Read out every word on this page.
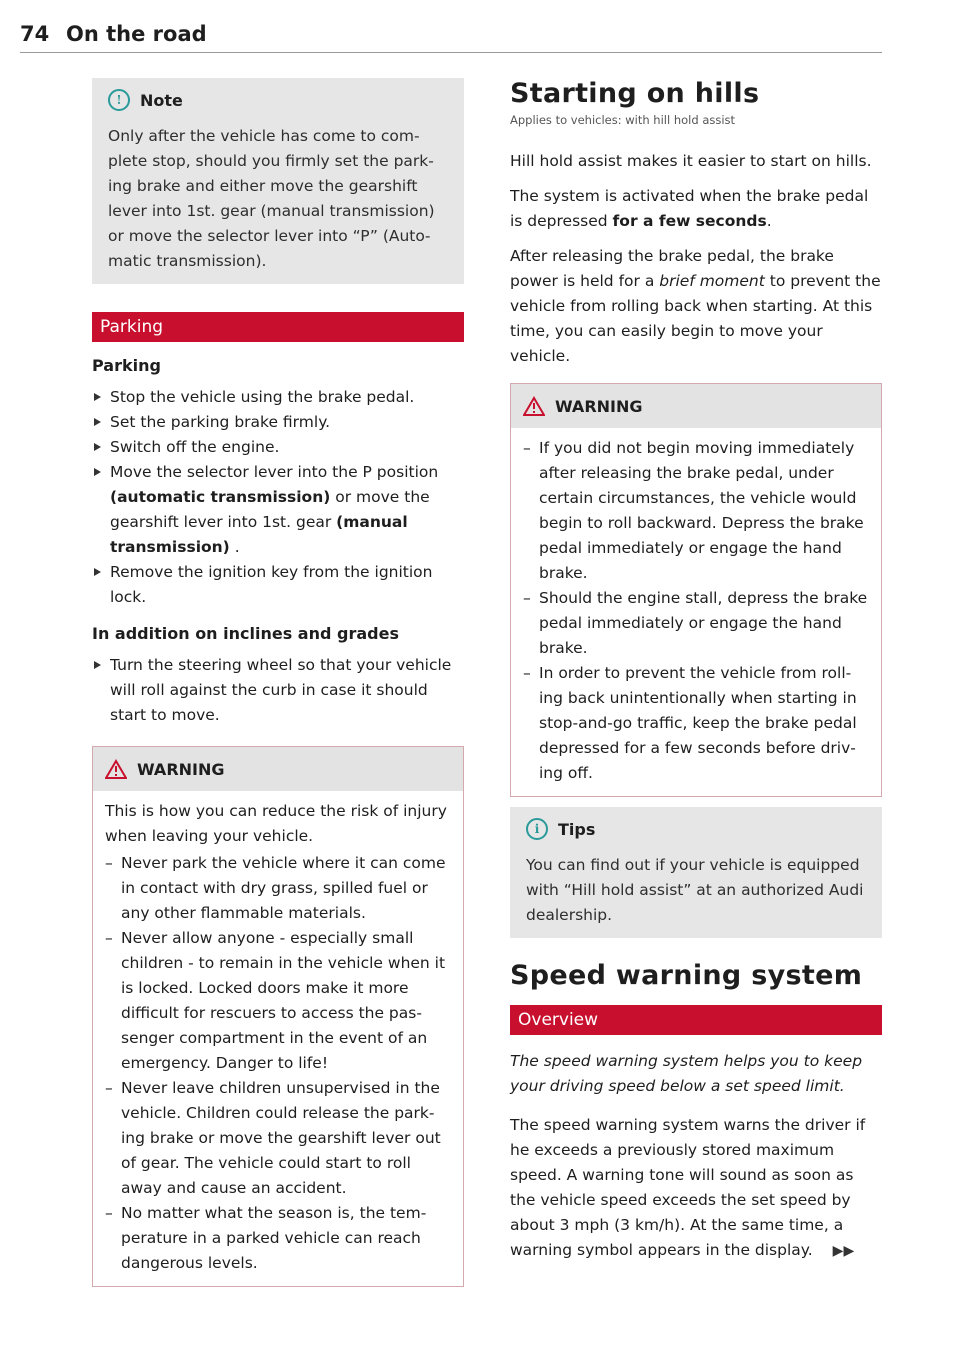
74 On the road
!	Note

Only after the vehicle has come to complete stop, should you firmly set the parking brake and either move the gearshift lever into 1st. gear (manual transmission) or move the selector lever into “P” (Automatic transmission).

Parking
Parking
Stop the vehicle using the brake pedal.
Set the parking brake firmly.
Switch off the engine.
Move the selector lever into the P position (automatic transmission) or move the gearshift lever into 1st. gear (manual transmission) .
Remove the ignition key from the ignition lock.
In addition on inclines and grades
Turn the steering wheel so that your vehicle will roll against the curb in case it should start to move.
WARNING

This is how you can reduce the risk of injury when leaving your vehicle.

– Never park the vehicle where it can come in contact with dry grass, spilled fuel or any other flammable materials.
– Never allow anyone - especially small children - to remain in the vehicle when it is locked. Locked doors make it more difficult for rescuers to access the passenger compartment in the event of an emergency. Danger to life!
– Never leave children unsupervised in the vehicle. Children could release the parking brake or move the gearshift lever out of gear. The vehicle could start to roll away and cause an accident.
– No matter what the season is, the temperature in a parked vehicle can reach dangerous levels.
Starting on hills
Applies to vehicles: with hill hold assist

Hill hold assist makes it easier to start on hills.

The system is activated when the brake pedal is depressed for a few seconds.

After releasing the brake pedal, the brake power is held for a brief moment to prevent the vehicle from rolling back when starting. At this time, you can easily begin to move your vehicle.

WARNING
– If you did not begin moving immediately after releasing the brake pedal, under certain circumstances, the vehicle would begin to roll backward. Depress the brake pedal immediately or engage the hand brake.
– Should the engine stall, depress the brake pedal immediately or engage the hand brake.
– In order to prevent the vehicle from rolling back unintentionally when starting in stop-and-go traffic, keep the brake pedal depressed for a few seconds before driving off.
i	Tips

You can find out if your vehicle is equipped with “Hill hold assist” at an authorized Audi dealership.

Speed warning system
Overview

The speed warning system helps you to keep your driving speed below a set speed limit.

The speed warning system warns the driver if he exceeds a previously stored maximum speed. A warning tone will sound as soon as the vehicle speed exceeds the set speed by about 3 mph (3 km/h). At the same time, a warning symbol appears in the display. ▶▶
